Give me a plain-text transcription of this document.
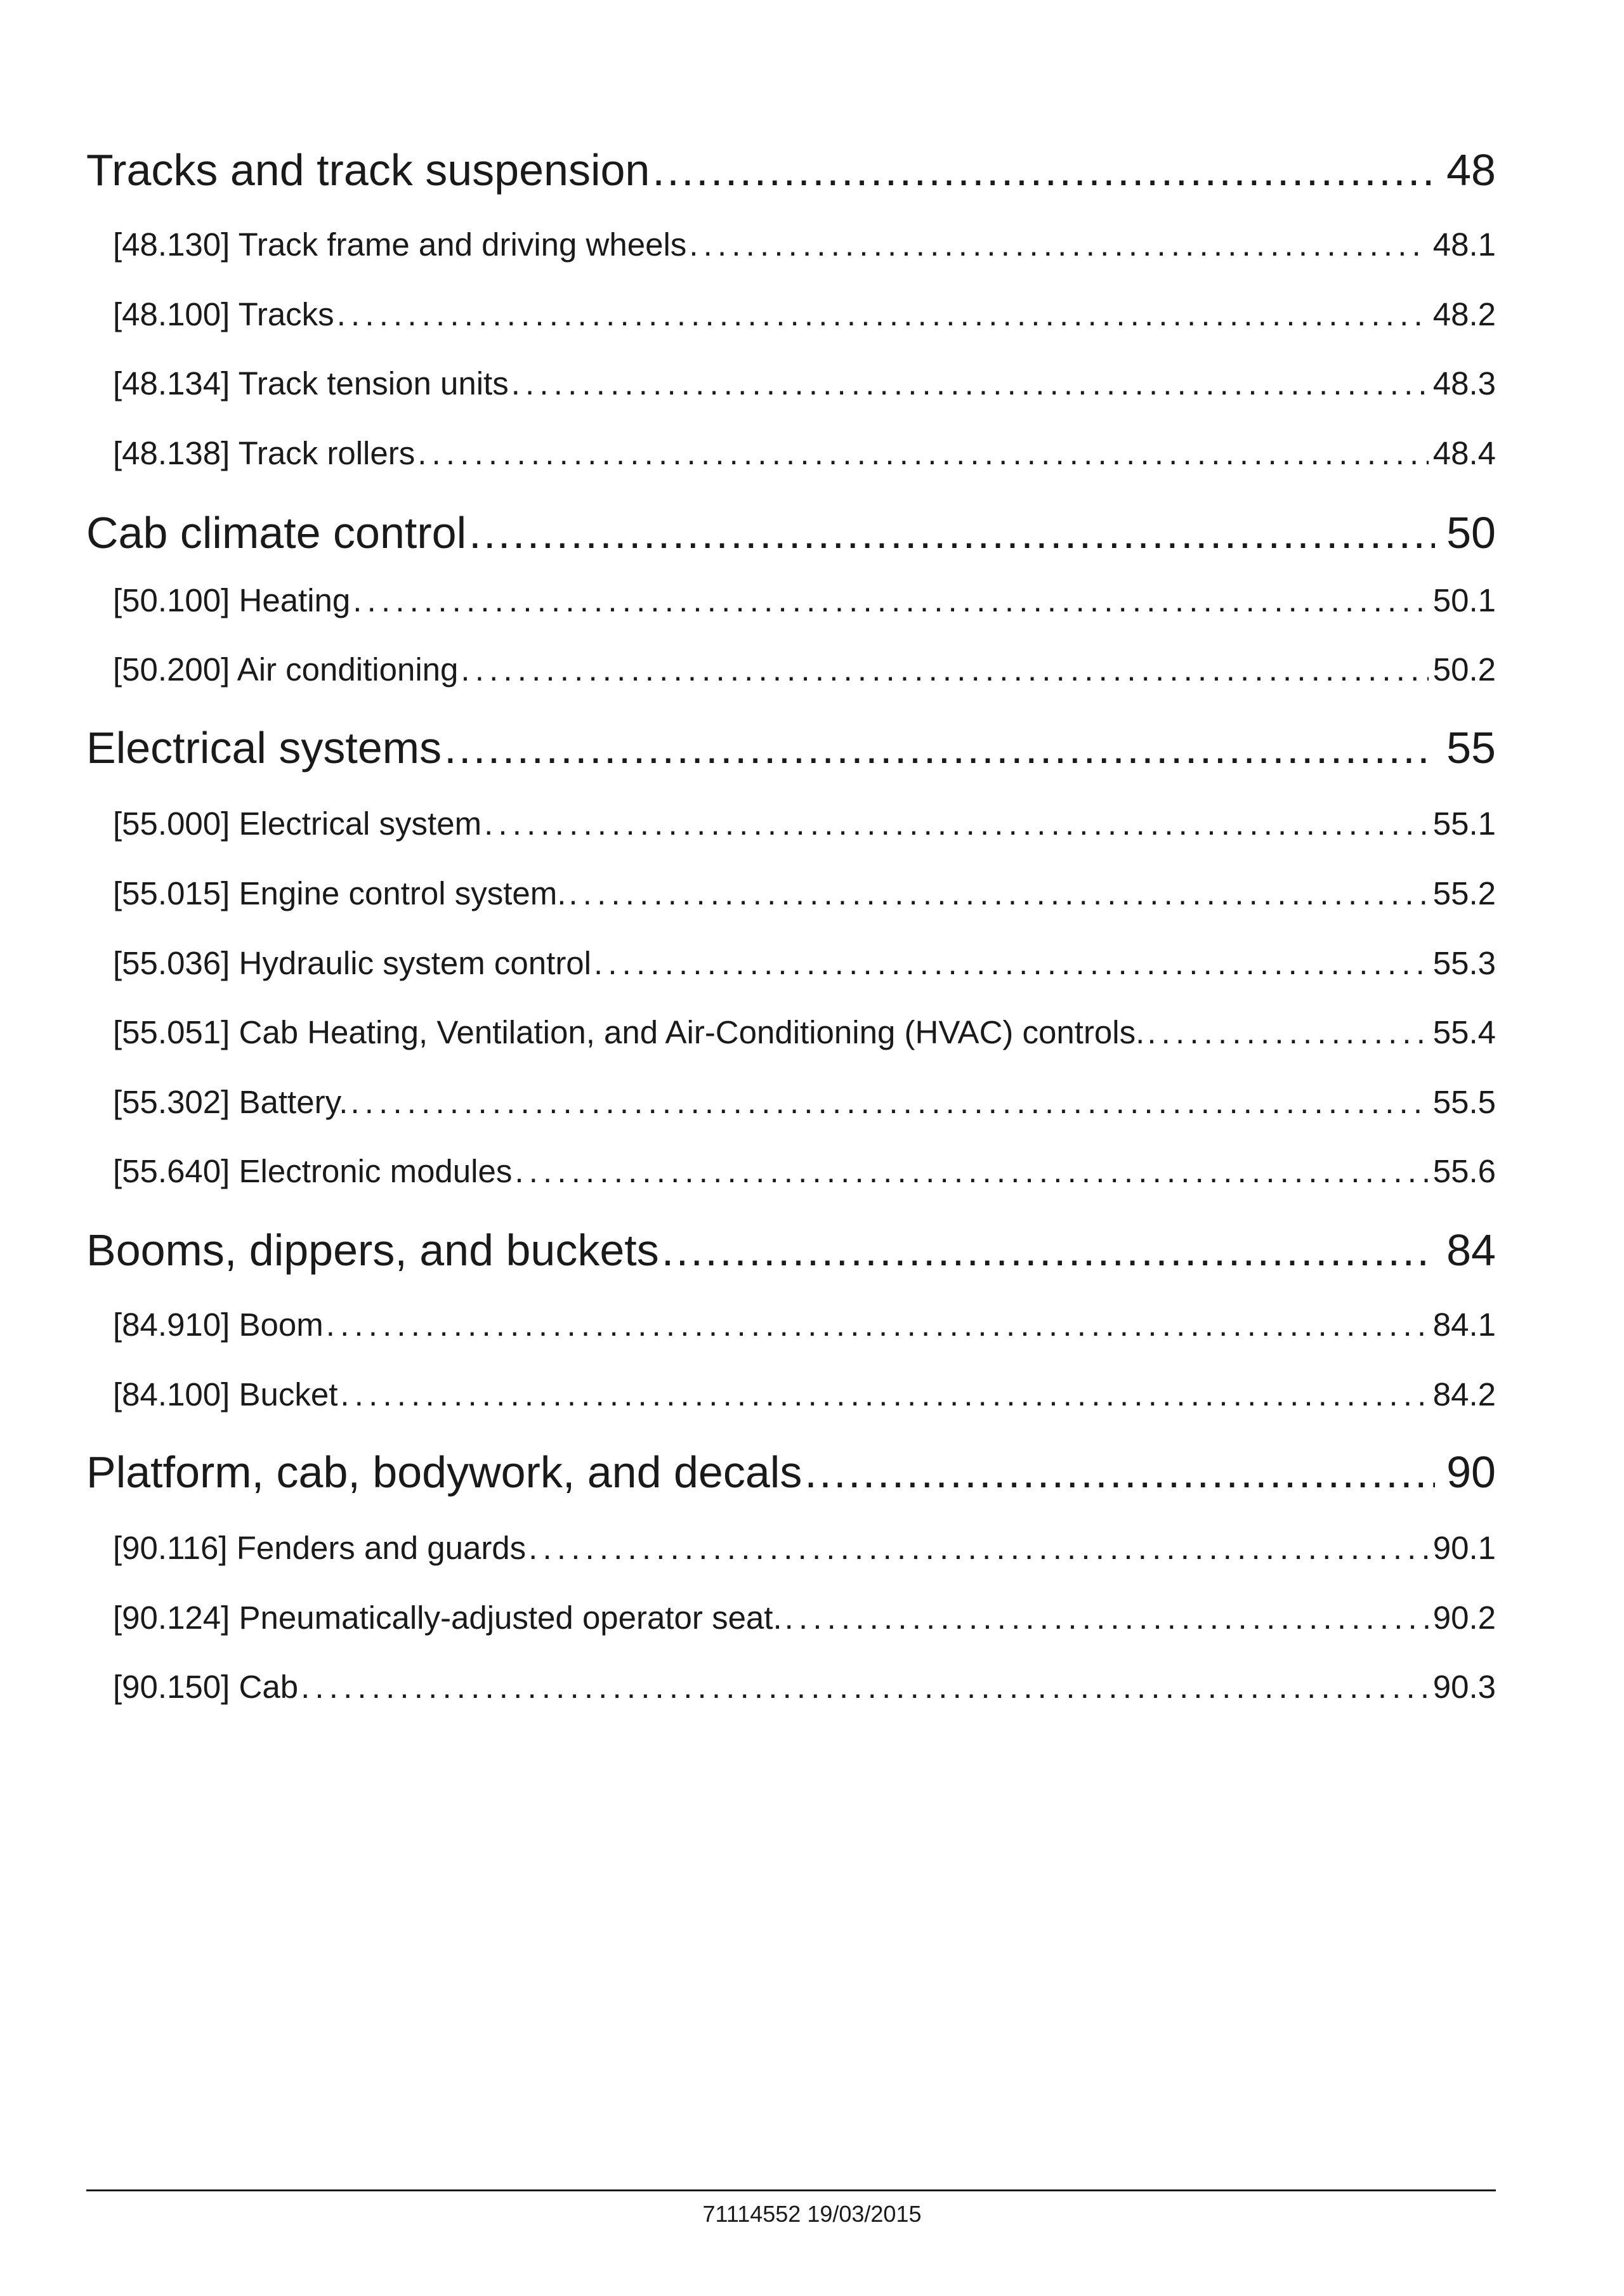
Tracks and track suspension . . .	48
[48.130] Track frame and driving wheels . . .	48.1
[48.100] Tracks . . .	48.2
[48.134] Track tension units . . .	48.3
[48.138] Track rollers . . .	48.4
Cab climate control . . .	50
[50.100] Heating . . .	50.1
[50.200] Air conditioning . . .	50.2
Electrical systems . . .	55
[55.000] Electrical system . . .	55.1
[55.015] Engine control system. . . .	55.2
[55.036] Hydraulic system control . . .	55.3
[55.051] Cab Heating, Ventilation, and Air-Conditioning (HVAC) controls. . . .	55.4
[55.302] Battery. . . .	55.5
[55.640] Electronic modules . . .	55.6
Booms, dippers, and buckets . . .	84
[84.910] Boom . . .	84.1
[84.100] Bucket . . .	84.2
Platform, cab, bodywork, and decals . . .	90
[90.116] Fenders and guards . . .	90.1
[90.124] Pneumatically-adjusted operator seat. . . .	90.2
[90.150] Cab . . .	90.3
71114552 19/03/2015
